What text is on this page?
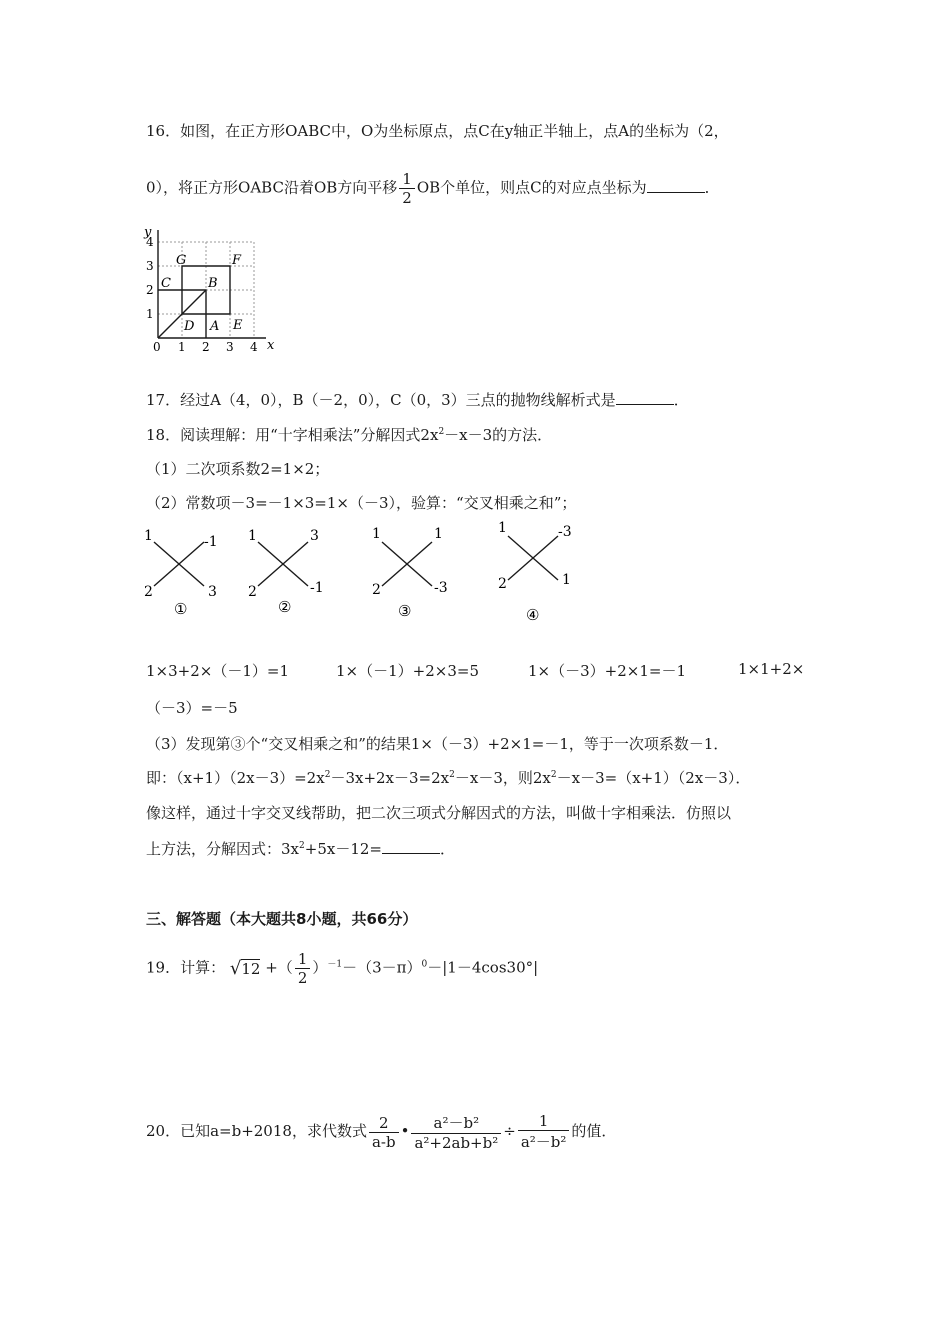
16．如图，在正方形OABC中，O为坐标原点，点C在y轴正半轴上，点A的坐标为（2，
0），将正方形OABC沿着OB方向平移 $\frac{1}{2}$ OB个单位，则点C的对应点坐标为	．
y
x
1
2
3
4
0 1 2 3 4
G	F
C	B
D A E
17．经过A（4，0），B（－2，0），C（0，3）三点的抛物线解析式是	．
18．阅读理解：用“十字相乘法”分解因式$2x^2-x-3$的方法．
（1）二次项系数2=1×2；
（2）常数项－3=－1×3=1×（－3），验算：“交叉相乘之和”；
1	-1
2	3
①
1	3
2	-1
②
1	1
2	-3
③
1	-3
2	1
④
1×3+2×（－1）=1	1×（－1）+2×3=5	1×（－3）+2×1=－1	1×1+2×
（－3）=－5
（3）发现第③个“交叉相乘之和”的结果1×（－3）+2×1=－1，等于一次项系数－1．
即：$(x+1)(2x-3)=2x^2-3x+2x-3=2x^2-x-3$，则$2x^2-x-3=(x+1)(2x-3)$．
像这样，通过十字交叉线帮助，把二次三项式分解因式的方法，叫做十字相乘法．仿照以
上方法，分解因式：$3x^2+5x-12=$	．
三、解答题（本大题共8小题，共66分）
19．计算： √12 +（ $\frac{1}{2} )^{-1}-(3-\pi)^0-|1-4\cos 30^\circ|$
20．已知a=b+2018，求代数式 $\frac{2}{a-b}$ • $\frac{\text{a²－b²}}{\text{a²+2ab+b²}} \div \frac{1}{\text{a²－b²}}$ 的值．
